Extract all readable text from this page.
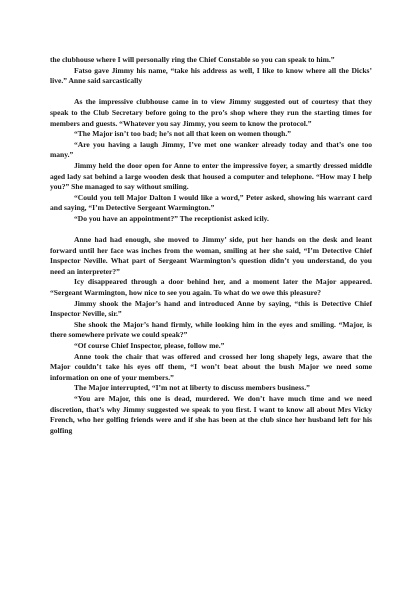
the clubhouse where I will personally ring the Chief Constable so you can speak to him.”

Fatso gave Jimmy his name, “take his address as well, I like to know where all the Dicks’ live.” Anne said sarcastically

As the impressive clubhouse came in to view Jimmy suggested out of courtesy that they speak to the Club Secretary before going to the pro’s shop where they run the starting times for members and guests. “Whatever you say Jimmy, you seem to know the protocol.”

“The Major isn’t too bad; he’s not all that keen on women though.”

“Are you having a laugh Jimmy, I’ve met one wanker already today and that’s one too many.”

Jimmy held the door open for Anne to enter the impressive foyer, a smartly dressed middle aged lady sat behind a large wooden desk that housed a computer and telephone. “How may I help you?” She managed to say without smiling.

“Could you tell Major Dalton I would like a word,” Peter asked, showing his warrant card and saying, “I’m Detective Sergeant Warmington.”

“Do you have an appointment?” The receptionist asked icily.

Anne had had enough, she moved to Jimmy’ side, put her hands on the desk and leant forward until her face was inches from the woman, smiling at her she said, “I’m Detective Chief Inspector Neville. What part of Sergeant Warmington’s question didn’t you understand, do you need an interpreter?”

Icy disappeared through a door behind her, and a moment later the Major appeared. “Sergeant Warmington, how nice to see you again. To what do we owe this pleasure?

Jimmy shook the Major’s hand and introduced Anne by saying, “this is Detective Chief Inspector Neville, sir.”

She shook the Major’s hand firmly, while looking him in the eyes and smiling. “Major, is there somewhere private we could speak?”

“Of course Chief Inspector, please, follow me.”

Anne took the chair that was offered and crossed her long shapely legs, aware that the Major couldn’t take his eyes off them, “I won’t beat about the bush Major we need some information on one of your members.”

The Major interrupted, “I’m not at liberty to discuss members business.”

“You are Major, this one is dead, murdered. We don’t have much time and we need discretion, that’s why Jimmy suggested we speak to you first. I want to know all about Mrs Vicky French, who her golfing friends were and if she has been at the club since her husband left for his golfing
